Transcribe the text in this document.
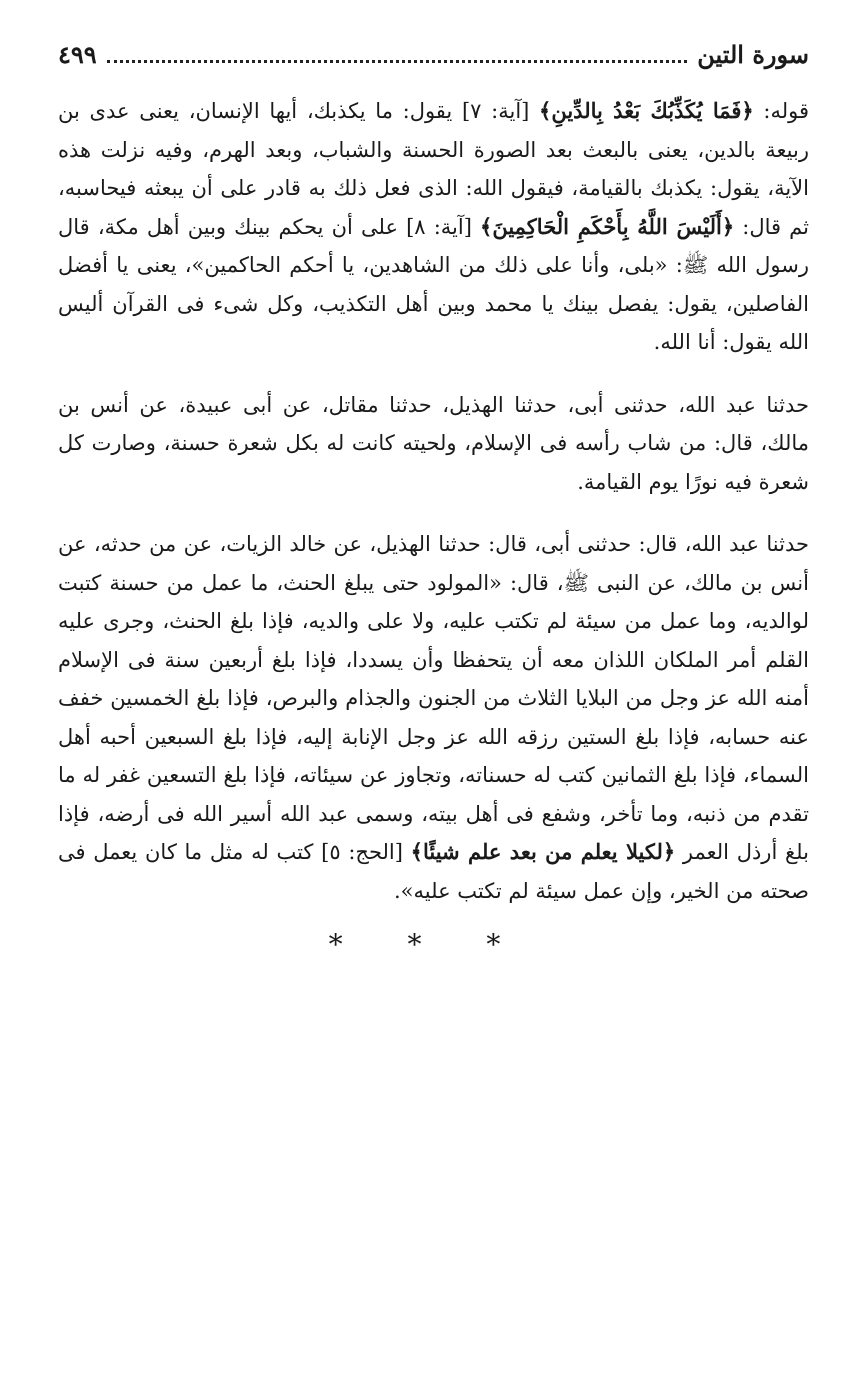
سورة التين
٤٩٩

قوله: ﴿فَمَا يُكَذِّبُكَ بَعْدُ بِالدِّينِ﴾ [آية: ٧] يقول: ما يكذبك، أيها الإنسان، يعنى عدى بن ربيعة بالدين، يعنى بالبعث بعد الصورة الحسنة والشباب، وبعد الهرم، وفيه نزلت هذه الآية، يقول: يكذبك بالقيامة، فيقول الله: الذى فعل ذلك به قادر على أن يبعثه فيحاسبه، ثم قال: ﴿أَلَيْسَ اللَّهُ بِأَحْكَمِ الْحَاكِمِينَ﴾ [آية: ٨] على أن يحكم بينك وبين أهل مكة، قال رسول الله ﷺ: «بلى، وأنا على ذلك من الشاهدين، يا أحكم الحاكمين»، يعنى يا أفضل الفاصلين، يقول: يفصل بينك يا محمد وبين أهل التكذيب، وكل شىء فى القرآن أليس الله يقول: أنا الله.

حدثنا عبد الله، حدثنى أبى، حدثنا الهذيل، حدثنا مقاتل، عن أبى عبيدة، عن أنس بن مالك، قال: من شاب رأسه فى الإسلام، ولحيته كانت له بكل شعرة حسنة، وصارت كل شعرة فيه نورًا يوم القيامة.

حدثنا عبد الله، قال: حدثنى أبى، قال: حدثنا الهذيل، عن خالد الزيات، عن من حدثه، عن أنس بن مالك، عن النبى ﷺ، قال: «المولود حتى يبلغ الحنث، ما عمل من حسنة كتبت لوالديه، وما عمل من سيئة لم تكتب عليه، ولا على والديه، فإذا بلغ الحنث، وجرى عليه القلم أمر الملكان اللذان معه أن يتحفظا وأن يسددا، فإذا بلغ أربعين سنة فى الإسلام أمنه الله عز وجل من البلايا الثلاث من الجنون والجذام والبرص، فإذا بلغ الخمسين خفف عنه حسابه، فإذا بلغ الستين رزقه الله عز وجل الإنابة إليه، فإذا بلغ السبعين أحبه أهل السماء، فإذا بلغ الثمانين كتب له حسناته، وتجاوز عن سيئاته، فإذا بلغ التسعين غفر له ما تقدم من ذنبه، وما تأخر، وشفع فى أهل بيته، وسمى عبد الله أسير الله فى أرضه، فإذا بلغ أرذل العمر ﴿لكيلا يعلم من بعد علم شيئًا﴾ [الحج: ٥] كتب له مثل ما كان يعمل فى صحته من الخير، وإن عمل سيئة لم تكتب عليه».

* * *
